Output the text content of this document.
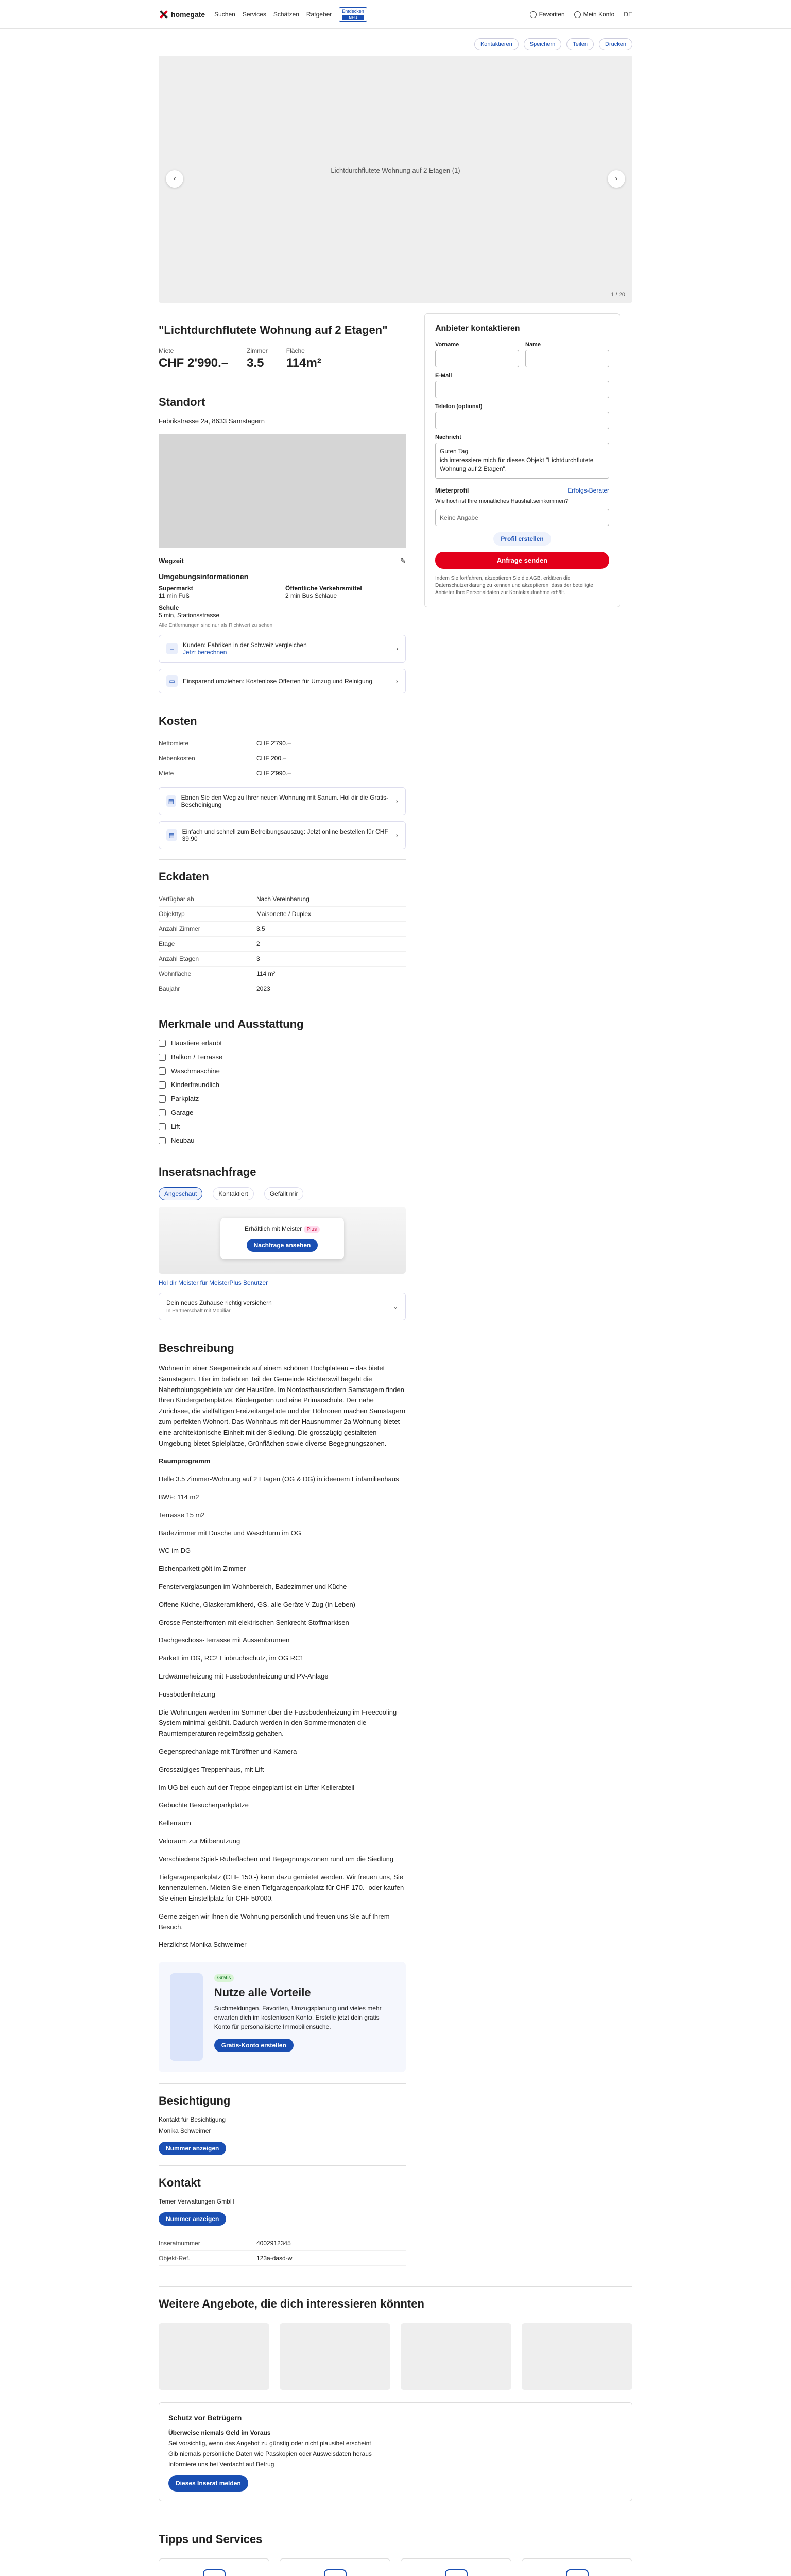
homegate Suchen Services Schätzen Ratgeber	Entdecken
NEU	Favoriten	Mein Konto DE
Kontaktieren	Speichern	Teilen	Drucken
Lichtdurchflutete Wohnung auf 2 Etagen (1)
‹	›
1 / 20
"Lichtdurchflutete Wohnung auf 2 Etagen"
Miete
CHF 2'990.–
Zimmer
3.5
Fläche
114m²
Standort
Fabrikstrasse 2a, 8633 Samstagern
Wegzeit	✎
Umgebungsinformationen
Supermarkt
11 min Fuß
Öffentliche Verkehrsmittel
2 min Bus Schlaue
Schule
5 min, Stationsstrasse
Alle Entfernungen sind nur als Richtwert zu sehen
⌗	Kunden: Fabriken in der Schweiz vergleichen
Jetzt berechnen	›
▭	Einsparend umziehen: Kostenlose Offerten für Umzug und Reinigung	›
Kosten
Nettomiete	CHF 2'790.–
Nebenkosten	CHF 200.–
Miete	CHF 2'990.–
▤	Ebnen Sie den Weg zu Ihrer neuen Wohnung mit Sanum. Hol dir die Gratis-Bescheinigung	›
▤	Einfach und schnell zum Betreibungsauszug: Jetzt online bestellen für CHF 39.90	›
Eckdaten
Verfügbar ab	Nach Vereinbarung
Objekttyp	Maisonette / Duplex
Anzahl Zimmer	3.5
Etage	2
Anzahl Etagen	3
Wohnfläche	114 m²
Baujahr	2023
Merkmale und Ausstattung
Haustiere erlaubt
Balkon / Terrasse
Waschmaschine
Kinderfreundlich
Parkplatz
Garage
Lift
Neubau
Inseratsnachfrage
Angeschaut	Kontaktiert	Gefällt mir
Erhältlich mit Meister Plus
Nachfrage ansehen
Hol dir Meister für MeisterPlus Benutzer
Dein neues Zuhause richtig versichern
In Partnerschaft mit Mobiliar
⌄
Beschreibung

Wohnen in einer Seegemeinde auf einem schönen Hochplateau – das bietet Samstagern. Hier im beliebten Teil der Gemeinde Richterswil begeht die Naherholungsgebiete vor der Haustüre. Im Nordosthausdorfern Samstagern finden Ihren Kindergartenplätze, Kindergarten und eine Primarschule. Der nahe Zürichsee, die vielfältigen Freizeitangebote und der Höhronen machen Samstagern zum perfekten Wohnort. Das Wohnhaus mit der Hausnummer 2a Wohnung bietet eine architektonische Einheit mit der Siedlung. Die grosszügig gestalteten Umgebung bietet Spielplätze, Grünflächen sowie diverse Begegnungszonen.

Raumprogramm

Helle 3.5 Zimmer-Wohnung auf 2 Etagen (OG & DG) in ideenem Einfamilienhaus

BWF: 114 m2

Terrasse 15 m2

Badezimmer mit Dusche und Waschturm im OG

WC im DG

Eichenparkett gölt im Zimmer

Fensterverglasungen im Wohnbereich, Badezimmer und Küche

Offene Küche, Glaskeramikherd, GS, alle Geräte V-Zug (in Leben)

Grosse Fensterfronten mit elektrischen Senkrecht-Stoffmarkisen

Dachgeschoss-Terrasse mit Aussenbrunnen

Parkett im DG, RC2 Einbruchschutz, im OG RC1

Erdwärmeheizung mit Fussbodenheizung und PV-Anlage

Fussbodenheizung

Die Wohnungen werden im Sommer über die Fussbodenheizung im Freecooling-System minimal gekühlt. Dadurch werden in den Sommermonaten die Raumtemperaturen regelmässig gehalten.

Gegensprechanlage mit Türöffner und Kamera

Grosszügiges Treppenhaus, mit Lift

Im UG bei euch auf der Treppe eingeplant ist ein Lifter Kellerabteil

Gebuchte Besucherparkplätze

Kellerraum

Veloraum zur Mitbenutzung

Verschiedene Spiel- Ruheflächen und Begegnungszonen rund um die Siedlung

Tiefgaragenparkplatz (CHF 150.-) kann dazu gemietet werden. Wir freuen uns, Sie kennenzulernen. Mieten Sie einen Tiefgaragenparkplatz für CHF 170.- oder kaufen Sie einen Einstellplatz für CHF 50'000.

Gerne zeigen wir Ihnen die Wohnung persönlich und freuen uns Sie auf Ihrem Besuch.

Herzlichst Monika Schweimer

Gratis
Nutze alle Vorteile

Suchmeldungen, Favoriten, Umzugsplanung und vieles mehr erwarten dich im kostenlosen Konto. Erstelle jetzt dein gratis Konto für personalisierte Immobiliensuche.

Gratis-Konto erstellen
Besichtigung
Kontakt für Besichtigung
Monika Schweimer
Nummer anzeigen
Kontakt
Temer Verwaltungen GmbH
Nummer anzeigen
Inseratnummer	4002912345
Objekt-Ref.	123a-dasd-w
Anbieter kontaktieren
Vorname	Name
E-Mail
Telefon (optional)
Nachricht
Guten Tag
ich interessiere mich für dieses Objekt "Lichtdurchflutete Wohnung auf 2 Etagen".
Mieterprofil	Erfolgs-Berater
Wie hoch ist Ihre monatliches Haushaltseinkommen?
Keine Angabe
Profil erstellen
Anfrage senden

Indem Sie fortfahren, akzeptieren Sie die AGB, erklären die Datenschutzerklärung zu kennen und akzeptieren, dass der beteiligte Anbieter Ihre Personaldaten zur Kontaktaufnahme erhält.

Weitere Angebote, die dich interessieren könnten
Schutz vor Betrügern
Überweise niemals Geld im Voraus
Sei vorsichtig, wenn das Angebot zu günstig oder nicht plausibel erscheint
Gib niemals persönliche Daten wie Passkopien oder Ausweisdaten heraus
Informiere uns bei Verdacht auf Betrug
Dieses Inserat melden
Tipps und Services
